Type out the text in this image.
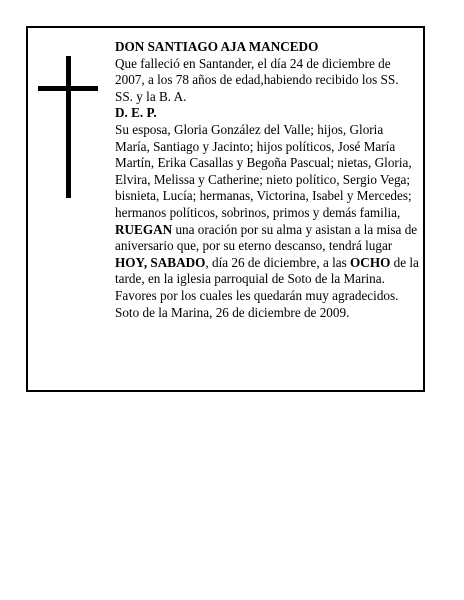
DON SANTIAGO AJA MANCEDO

Que falleció en Santander, el día 24 de diciembre de 2007, a los 78 años de edad,habiendo recibido los SS. SS. y la B. A.

D. E. P.

Su esposa, Gloria González del Valle; hijos, Gloria María, Santiago y Jacinto; hijos políticos, José María Martín, Erika Casallas y Begoña Pascual; nietas, Gloria, Elvira, Melissa y Catherine; nieto político, Sergio Vega; bisnieta, Lucía; hermanas, Victorina, Isabel y Mercedes; hermanos políticos, sobrinos, primos y demás familia,

RUEGAN una oración por su alma y asistan a la misa de aniversario que, por su eterno descanso, tendrá lugar HOY, SABADO, día 26 de diciembre, a las OCHO de la tarde, en la iglesia parroquial de Soto de la Marina.

Favores por los cuales les quedarán muy agradecidos.

Soto de la Marina, 26 de diciembre de 2009.
